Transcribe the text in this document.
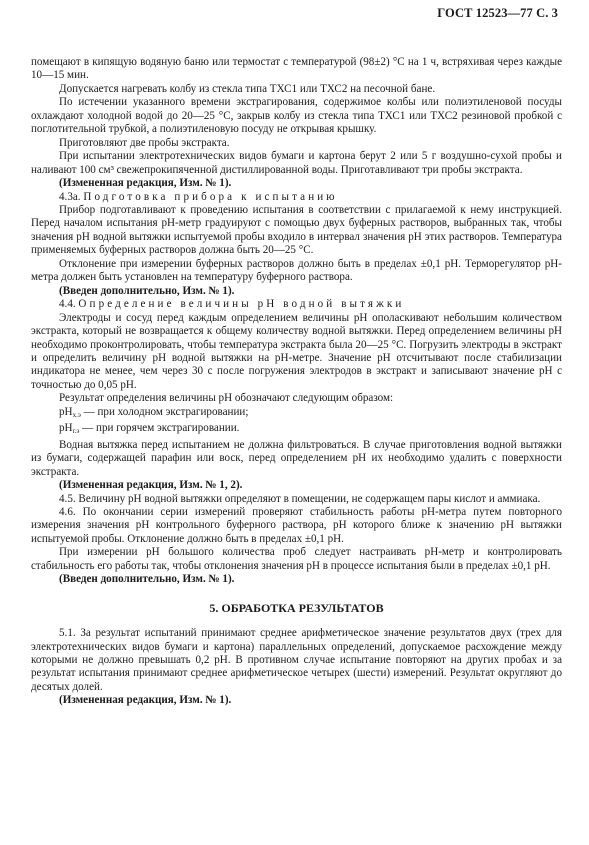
ГОСТ 12523—77 С. 3

помещают в кипящую водяную баню или термостат с температурой (98±2) °С на 1 ч, встряхивая через каждые 10—15 мин.

Допускается нагревать колбу из стекла типа ТХС1 или ТХС2 на песочной бане.

По истечении указанного времени экстрагирования, содержимое колбы или полиэтиленовой посуды охлаждают холодной водой до 20—25 °С, закрыв колбу из стекла типа ТХС1 или ТХС2 резиновой пробкой с поглотительной трубкой, а полиэтиленовую посуду не открывая крышку.

Приготовляют две пробы экстракта.

При испытании электротехнических видов бумаги и картона берут 2 или 5 г воздушно-сухой пробы и наливают 100 см³ свежепрокипяченной дистиллированной воды. Приготавливают три пробы экстракта.

(Измененная редакция, Изм. № 1).

4.3а. Подготовка прибора к испытанию

Прибор подготавливают к проведению испытания в соответствии с прилагаемой к нему инструкцией. Перед началом испытания рН-метр градуируют с помощью двух буферных растворов, выбранных так, чтобы значения рН водной вытяжки испытуемой пробы входило в интервал значения рН этих растворов. Температура применяемых буферных растворов должна быть 20—25 °С.

Отклонение при измерении буферных растворов должно быть в пределах ±0,1 рН. Терморегулятор рН-метра должен быть установлен на температуру буферного раствора.

(Введен дополнительно, Изм. № 1).

4.4. Определение величины рН водной вытяжки

Электроды и сосуд перед каждым определением величины рН ополаскивают небольшим количеством экстракта, который не возвращается к общему количеству водной вытяжки. Перед определением величины рН необходимо проконтролировать, чтобы температура экстракта была 20—25 °С. Погрузить электроды в экстракт и определить величину рН водной вытяжки на рН-метре. Значение рН отсчитывают после стабилизации индикатора не менее, чем через 30 с после погружения электродов в экстракт и записывают значение рН с точностью до 0,05 рН.

Результат определения величины рН обозначают следующим образом:

$рН_{х.э}$ — при холодном экстрагировании;

$рН_{г.э}$ — при горячем экстрагировании.

Водная вытяжка перед испытанием не должна фильтроваться. В случае приготовления водной вытяжки из бумаги, содержащей парафин или воск, перед определением рН их необходимо удалить с поверхности экстракта.

(Измененная редакция, Изм. № 1, 2).

4.5. Величину рН водной вытяжки определяют в помещении, не содержащем пары кислот и аммиака.

4.6. По окончании серии измерений проверяют стабильность работы рН-метра путем повторного измерения значения рН контрольного буферного раствора, рН которого ближе к значению рН вытяжки испытуемой пробы. Отклонение должно быть в пределах ±0,1 рН.

При измерении рН большого количества проб следует настраивать рН-метр и контролировать стабильность его работы так, чтобы отклонения значения рН в процессе испытания были в пределах ±0,1 рН.

(Введен дополнительно, Изм. № 1).

5. ОБРАБОТКА РЕЗУЛЬТАТОВ

5.1. За результат испытаний принимают среднее арифметическое значение результатов двух (трех для электротехнических видов бумаги и картона) параллельных определений, допускаемое расхождение между которыми не должно превышать 0,2 рН. В противном случае испытание повторяют на других пробах и за результат испытания принимают среднее арифметическое четырех (шести) измерений. Результат округляют до десятых долей.

(Измененная редакция, Изм. № 1).
